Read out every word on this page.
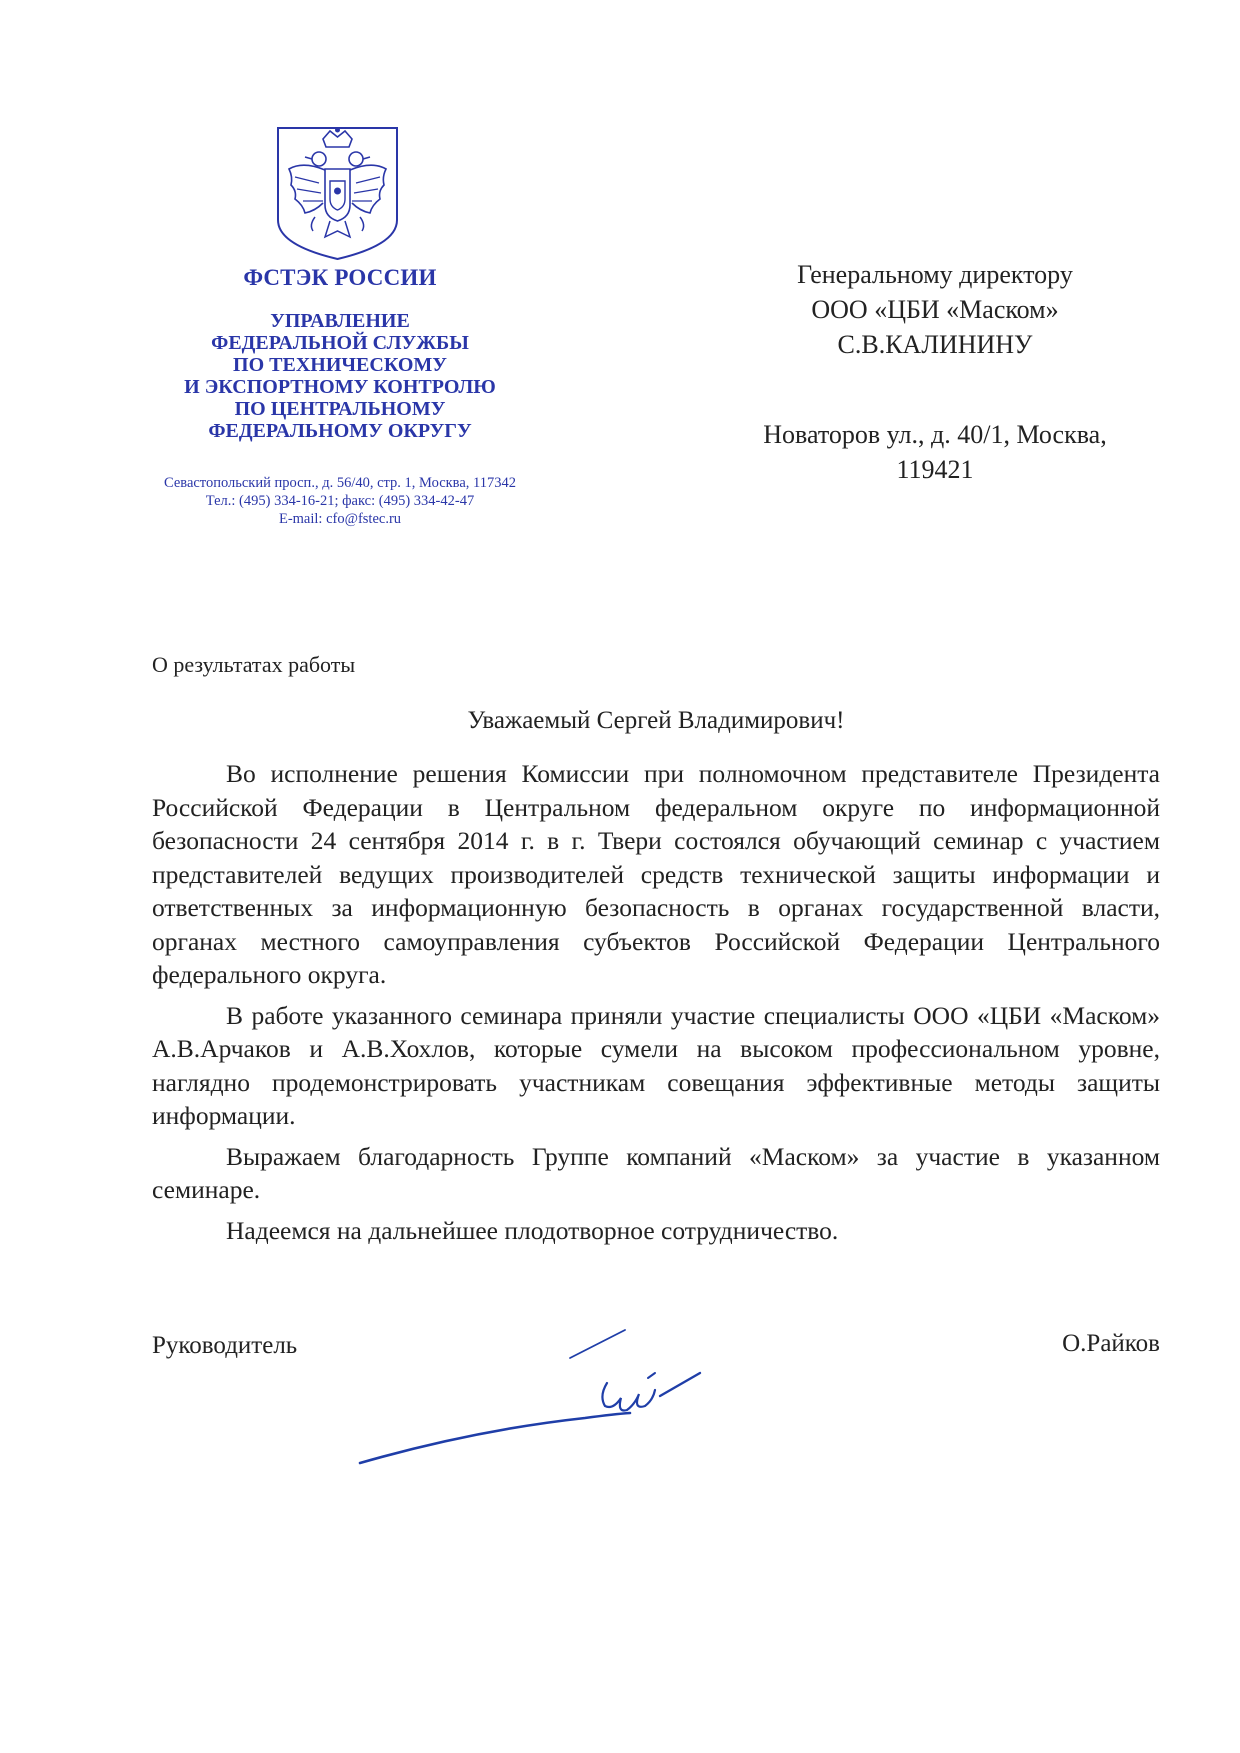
ФСТЭК РОССИИ
УПРАВЛЕНИЕ
ФЕДЕРАЛЬНОЙ СЛУЖБЫ
ПО ТЕХНИЧЕСКОМУ
И ЭКСПОРТНОМУ КОНТРОЛЮ
ПО ЦЕНТРАЛЬНОМУ
ФЕДЕРАЛЬНОМУ ОКРУГУ
Севастопольский просп., д. 56/40, стр. 1, Москва, 117342
Тел.: (495) 334-16-21; факс: (495) 334-42-47
E-mail: cfo@fstec.ru
Генеральному директору
ООО «ЦБИ «Маском»
С.В.КАЛИНИНУ
Новаторов ул., д. 40/1, Москва,
119421
О результатах работы
Уважаемый Сергей Владимирович!

Во исполнение решения Комиссии при полномочном представителе Президента Российской Федерации в Центральном федеральном округе по информационной безопасности 24 сентября 2014 г. в г. Твери состоялся обучающий семинар с участием представителей ведущих производителей средств технической защиты информации и ответственных за информационную безопасность в органах государственной власти, органах местного самоуправления субъектов Российской Федерации Центрального федерального округа.

В работе указанного семинара приняли участие специалисты ООО «ЦБИ «Маском» А.В.Арчаков и А.В.Хохлов, которые сумели на высоком профессиональном уровне, наглядно продемонстрировать участникам совещания эффективные методы защиты информации.

Выражаем благодарность Группе компаний «Маском» за участие в указанном семинаре.

Надеемся на дальнейшее плодотворное сотрудничество.

Руководитель	О.Райков
